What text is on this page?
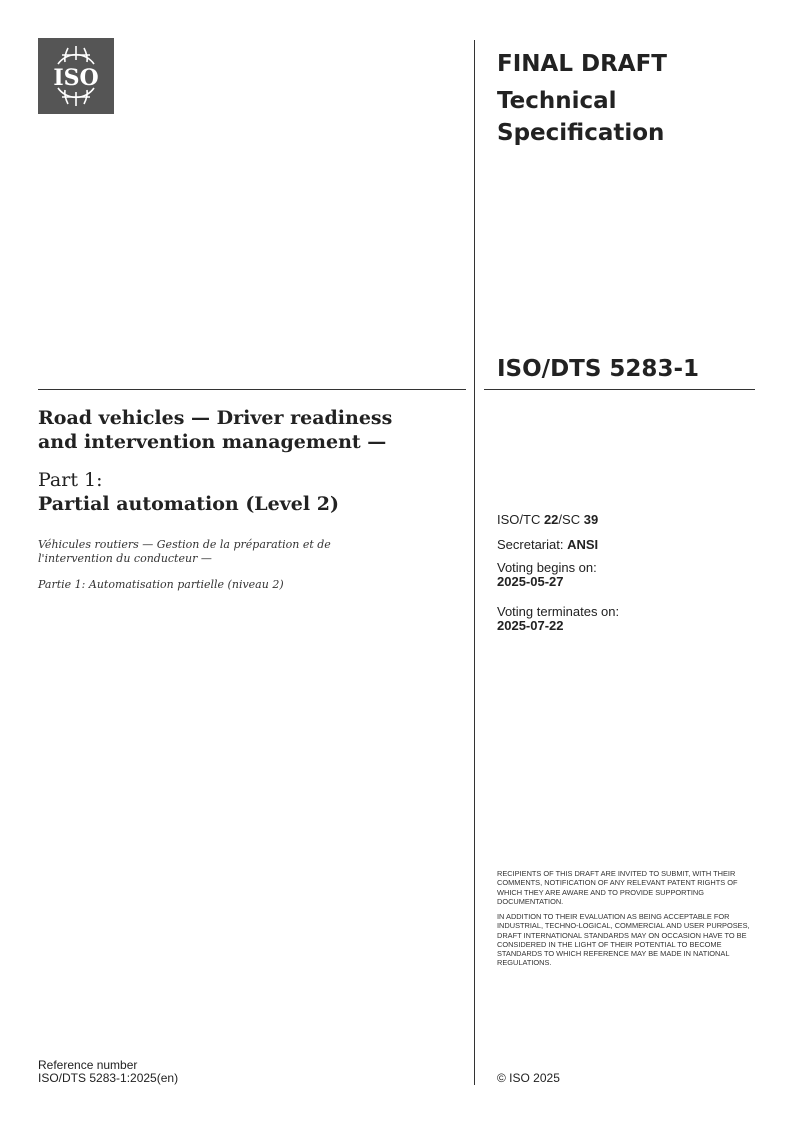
ISO
FINAL DRAFT
Technical
Specification
ISO/DTS 5283-1
Road vehicles — Driver readiness
and intervention management —
Part 1:
Partial automation (Level 2)
Véhicules routiers — Gestion de la préparation et de
l'intervention du conducteur —
Partie 1: Automatisation partielle (niveau 2)
ISO/TC 22/SC 39
Secretariat: ANSI
Voting begins on:
2025-05-27
Voting terminates on:
2025-07-22
RECIPIENTS OF THIS DRAFT ARE INVITED TO SUBMIT, WITH THEIR COMMENTS, NOTIFICATION OF ANY RELEVANT PATENT RIGHTS OF WHICH THEY ARE AWARE AND TO PROVIDE SUPPORTING DOCUMENTATION.
IN ADDITION TO THEIR EVALUATION AS BEING ACCEPTABLE FOR INDUSTRIAL, TECHNO-LOGICAL, COMMERCIAL AND USER PURPOSES, DRAFT INTERNATIONAL STANDARDS MAY ON OCCASION HAVE TO BE CONSIDERED IN THE LIGHT OF THEIR POTENTIAL TO BECOME STANDARDS TO WHICH REFERENCE MAY BE MADE IN NATIONAL REGULATIONS.
Reference number
ISO/DTS 5283-1:2025(en)	© ISO 2025
